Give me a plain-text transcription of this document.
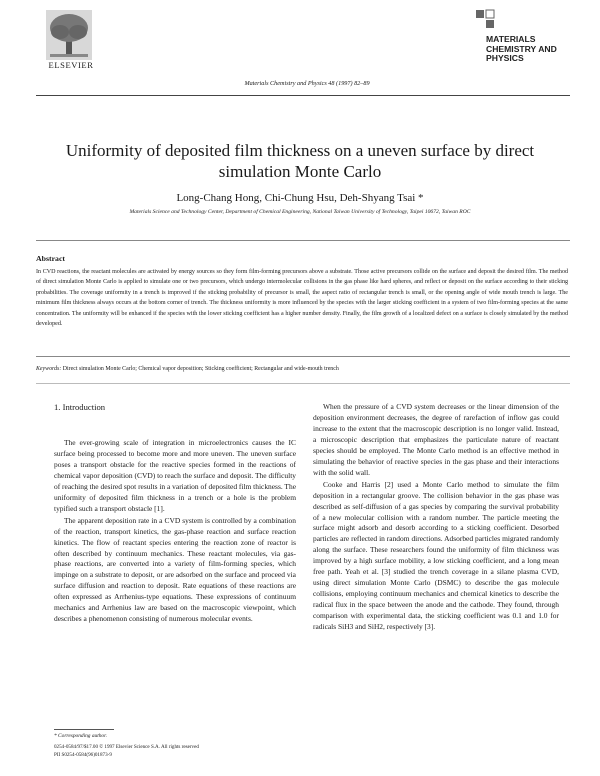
ELSEVIER
Materials Chemistry and Physics 48 (1997) 82–89
MATERIALS
CHEMISTRY AND
PHYSICS
Uniformity of deposited film thickness on a uneven surface by direct simulation Monte Carlo
Long-Chang Hong, Chi-Chung Hsu, Deh-Shyang Tsai *
Materials Science and Technology Center, Department of Chemical Engineering, National Taiwan University of Technology, Taipei 10672, Taiwan ROC
Abstract
In CVD reactions, the reactant molecules are activated by energy sources so they form film-forming precursors above a substrate. Those active precursors collide on the surface and deposit the desired film. The method of direct simulation Monte Carlo is applied to simulate one or two precursors, which undergo intermolecular collisions in the gas phase like hard spheres, and reflect or deposit on the surface according to their sticking probabilities. The coverage uniformity in a trench is improved if the sticking probability of precursor is small, the aspect ratio of rectangular trench is small, or the opening angle of wide mouth trench is large. The minimum film thickness always occurs at the bottom corner of trench. The thickness uniformity is more influenced by the species with the larger sticking coefficient in a system of two film-forming species at the same concentration. The uniformity will be enhanced if the species with the lower sticking coefficient has a higher number density. Finally, the film growth of a localized defect on a surface is closely simulated by the method developed.
Keywords: Direct simulation Monte Carlo; Chemical vapor deposition; Sticking coefficient; Rectangular and wide-mouth trench
1. Introduction

The ever-growing scale of integration in microelectronics causes the IC surface being processed to become more and more uneven. The uneven surface poses a transport obstacle for the reactive species formed in the reactions of chemical vapor deposition (CVD) to reach the surface and deposit. The difficulty of reaching the desired spot results in a variation of deposited film thickness. The uniformity of deposited film thickness in a trench or a hole is the problem typified such a transport obstacle [1].

The apparent deposition rate in a CVD system is controlled by a combination of the reaction, transport kinetics, the gas-phase reaction and surface reaction kinetics. The flow of reactant species entering the reaction zone of reactor is often described by continuum mechanics. These reactant molecules, via gas-phase reactions, are converted into a variety of film-forming species, which impinge on a substrate to deposit, or are adsorbed on the surface and proceed via surface diffusion and reaction to deposit. Rate equations of these reactions are often expressed as Arrhenius-type equations. These expressions of continuum mechanics and Arrhenius law are based on the macroscopic viewpoint, which describes a phenomenon consisting of numerous molecular events.

When the pressure of a CVD system decreases or the linear dimension of the deposition environment decreases, the degree of rarefaction of inflow gas could increase to the extent that the macroscopic description is no longer valid. Instead, a microscopic description that emphasizes the particulate nature of reactant species should be employed. The Monte Carlo method is an effective method in simulating the behavior of reactive species in the gas phase and their interactions with the solid wall.

Cooke and Harris [2] used a Monte Carlo method to simulate the film deposition in a rectangular groove. The collision behavior in the gas phase was described as self-diffusion of a gas species by comparing the survival probability of a new molecular collision with a random number. The particle meeting the surface might adsorb and desorb according to a sticking coefficient. Desorbed particles are reflected in random directions. Adsorbed particles migrated randomly along the surface. These researchers found the uniformity of film thickness was improved by a high surface mobility, a low sticking coefficient, and a long mean free path. Yeah et al. [3] studied the trench coverage in a silane plasma CVD, using direct simulation Monte Carlo (DSMC) to describe the gas molecule collisions, employing continuum mechanics and chemical kinetics to describe the radical flux in the space between the anode and the cathode. They found, through comparison with experimental data, the sticking coefficient was 0.1 and 1.0 for radicals SiH3 and SiH2, respectively [3].

* Corresponding author.
0254-0584/97/$17.00 © 1997 Elsevier Science S.A. All rights reserved
PII S0254-0584(96)01873-9
